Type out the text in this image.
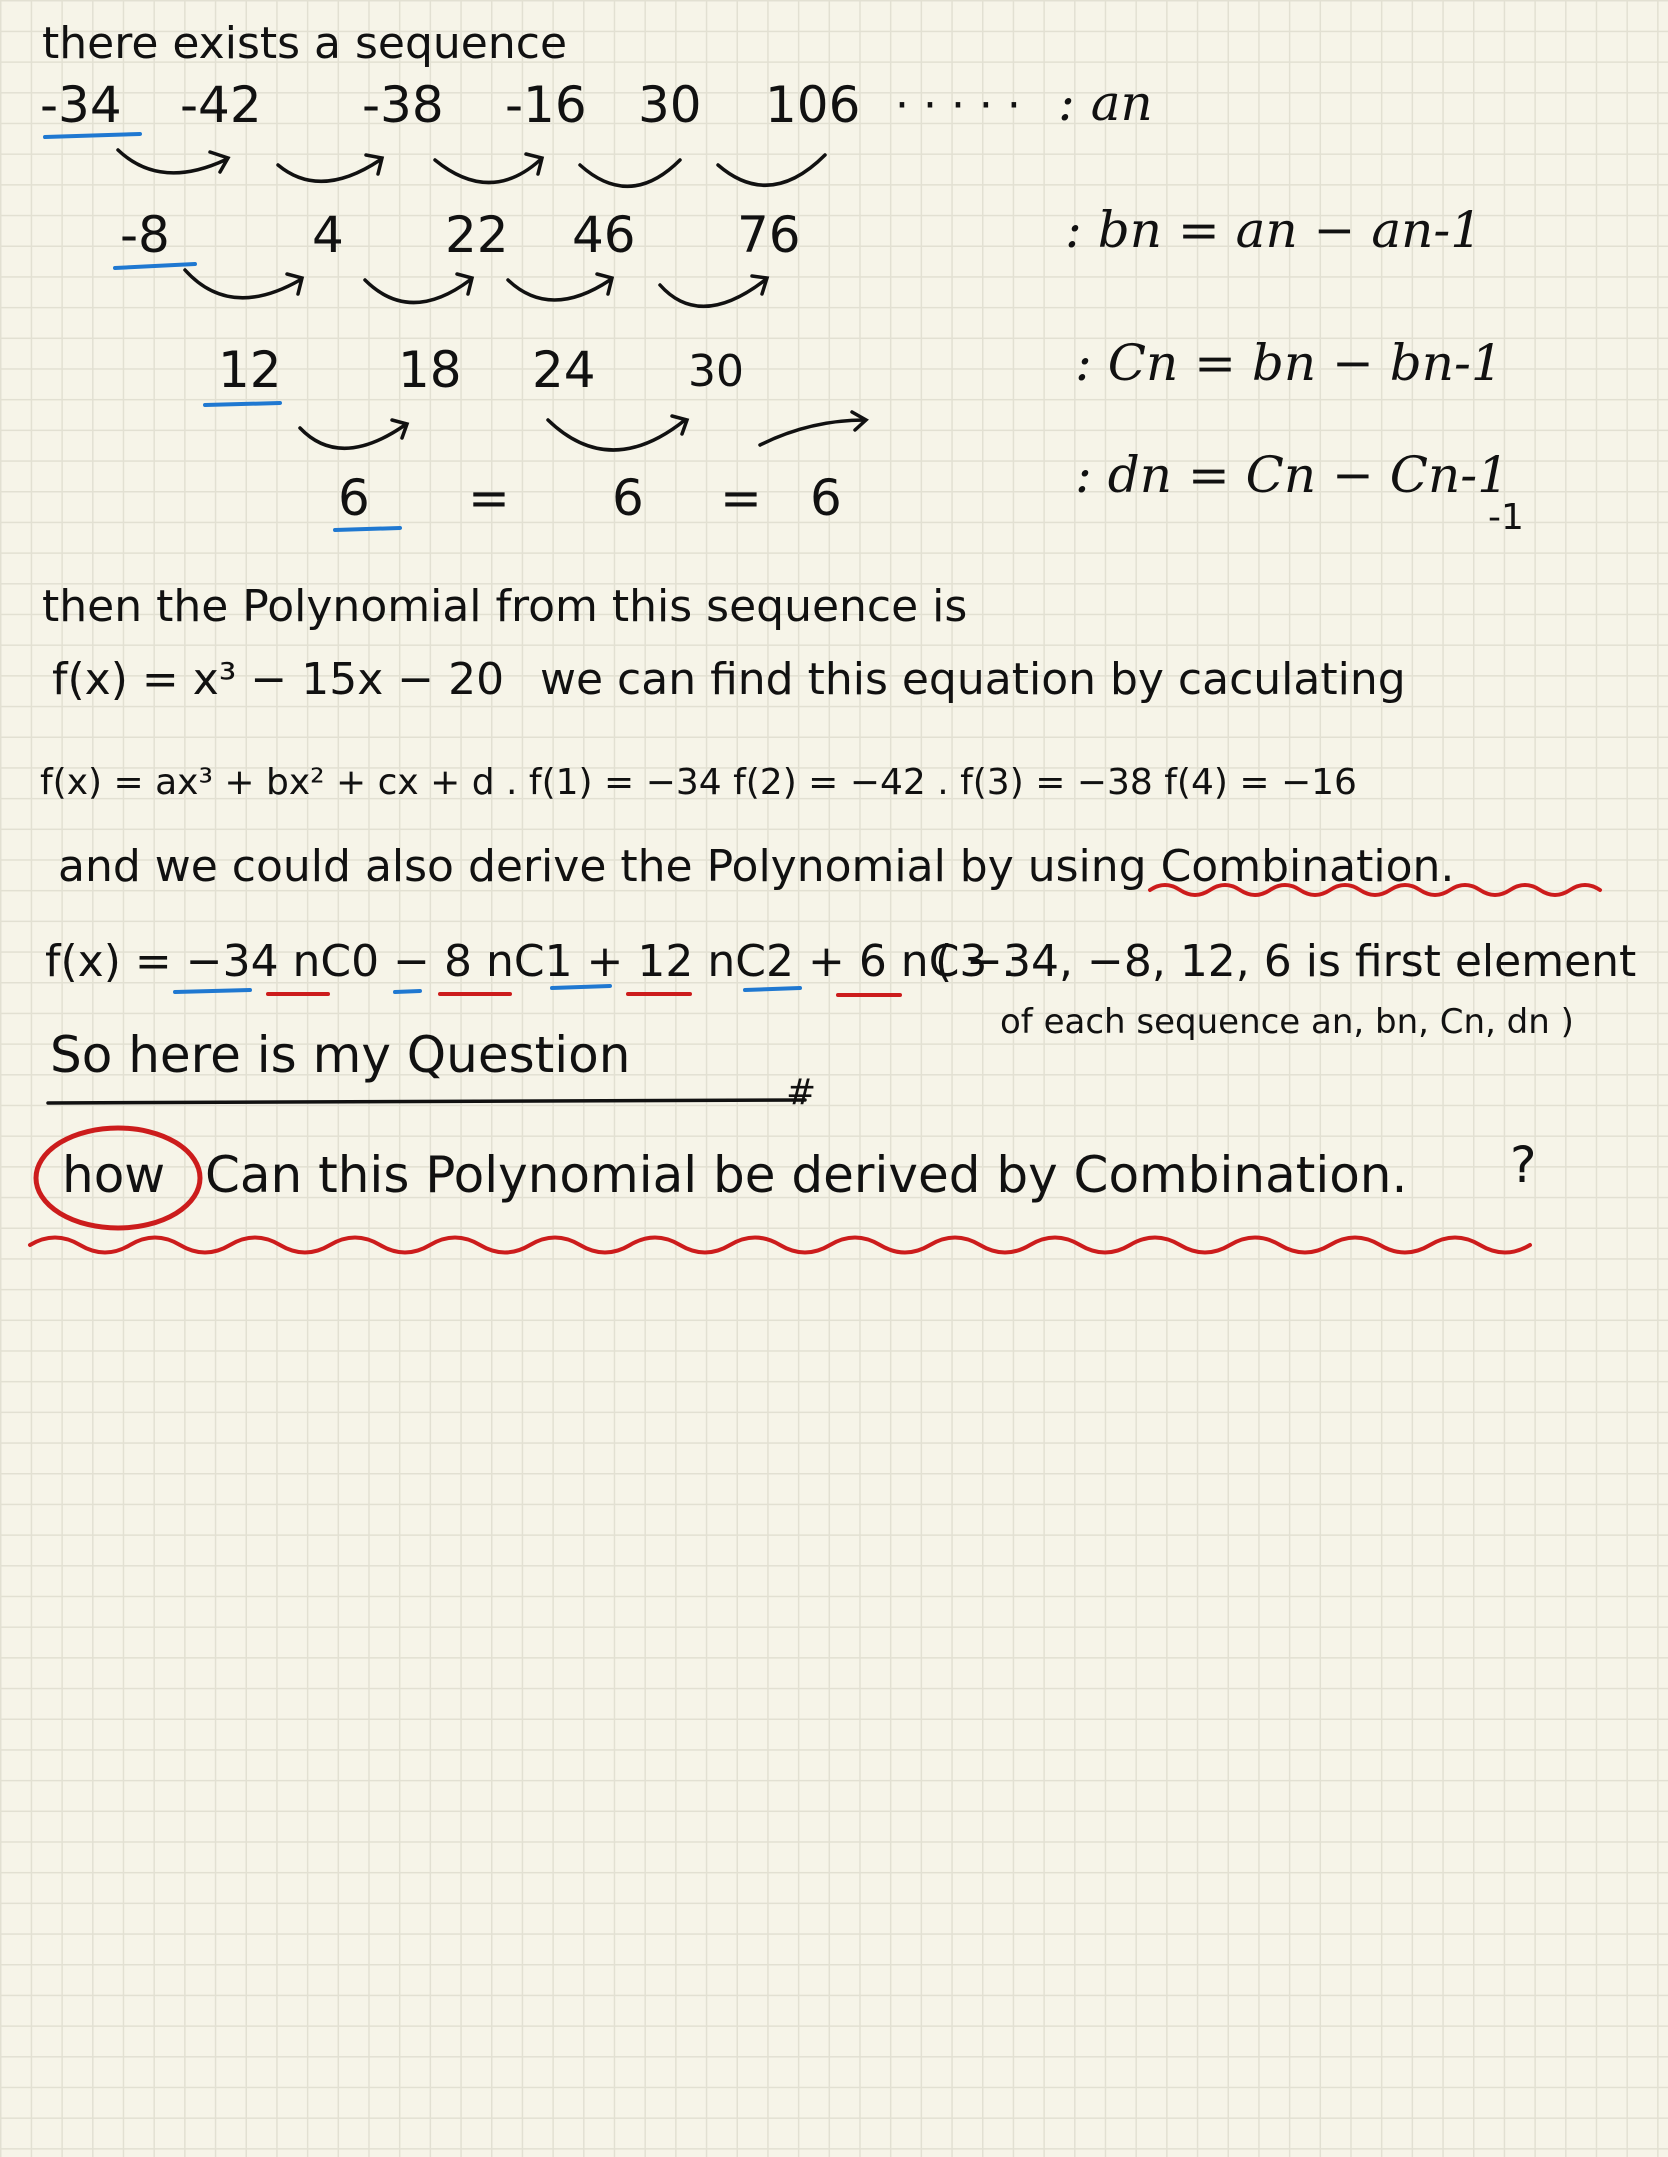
there exists a sequence
-34 -42 -38 -16 30 106 · · · · · : an
-8	4 22 46 76	: bn = an − an-1
12 18 24 30	: Cn = bn − bn-1
6 = 6 = 6	: dn = Cn − Cn-1
-1
then the Polynomial from this sequence is
f(x) = x³ − 15x − 20 we can find this equation by caculating
f(x) = ax³ + bx² + cx + d . f(1) = −34 f(2) = −42 . f(3) = −38 f(4) = −16
and we could also derive the Polynomial by using Combination.
f(x) = −34 nC0 − 8 nC1 + 12 nC2 + 6 nC3 .
( −34, −8, 12, 6 is first element
of each sequence an, bn, Cn, dn )
So here is my Question
#
how Can this Polynomial be derived by Combination. ?
